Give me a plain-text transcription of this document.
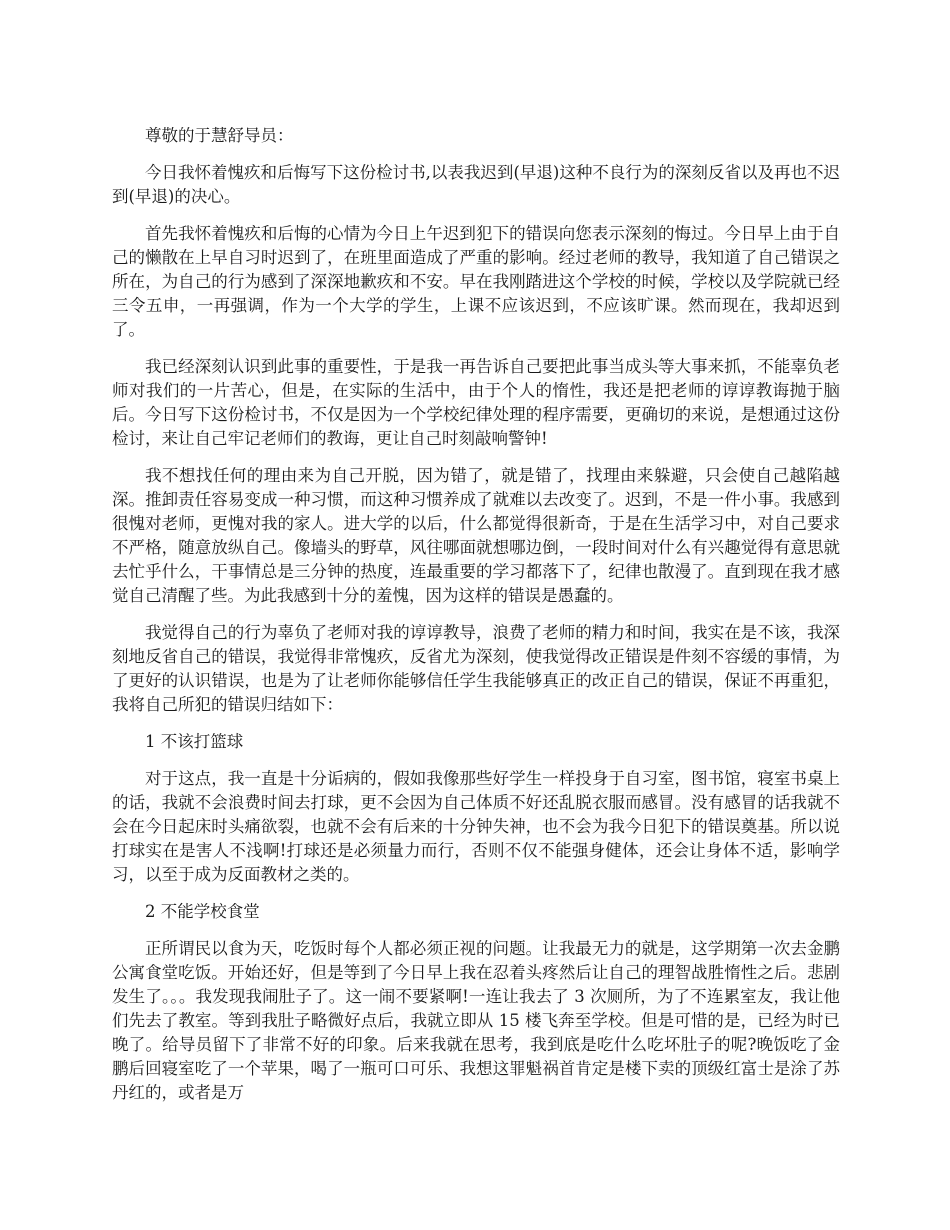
尊敬的于慧舒导员：

今日我怀着愧疚和后悔写下这份检讨书,以表我迟到(早退)这种不良行为的深刻反省以及再也不迟到(早退)的决心。

首先我怀着愧疚和后悔的心情为今日上午迟到犯下的错误向您表示深刻的悔过。今日早上由于自己的懒散在上早自习时迟到了，在班里面造成了严重的影响。经过老师的教导，我知道了自己错误之所在，为自己的行为感到了深深地歉疚和不安。早在我刚踏进这个学校的时候，学校以及学院就已经三令五申，一再强调，作为一个大学的学生，上课不应该迟到，不应该旷课。然而现在，我却迟到了。

我已经深刻认识到此事的重要性，于是我一再告诉自己要把此事当成头等大事来抓，不能辜负老师对我们的一片苦心，但是，在实际的生活中，由于个人的惰性，我还是把老师的谆谆教诲抛于脑后。今日写下这份检讨书，不仅是因为一个学校纪律处理的程序需要，更确切的来说，是想通过这份检讨，来让自己牢记老师们的教诲，更让自己时刻敲响警钟!

我不想找任何的理由来为自己开脱，因为错了，就是错了，找理由来躲避，只会使自己越陷越深。推卸责任容易变成一种习惯，而这种习惯养成了就难以去改变了。迟到，不是一件小事。我感到很愧对老师，更愧对我的家人。进大学的以后，什么都觉得很新奇，于是在生活学习中，对自己要求不严格，随意放纵自己。像墙头的野草，风往哪面就想哪边倒，一段时间对什么有兴趣觉得有意思就去忙乎什么，干事情总是三分钟的热度，连最重要的学习都落下了，纪律也散漫了。直到现在我才感觉自己清醒了些。为此我感到十分的羞愧，因为这样的错误是愚蠢的。

我觉得自己的行为辜负了老师对我的谆谆教导，浪费了老师的精力和时间，我实在是不该，我深刻地反省自己的错误，我觉得非常愧疚，反省尤为深刻，使我觉得改正错误是件刻不容缓的事情，为了更好的认识错误，也是为了让老师你能够信任学生我能够真正的改正自己的错误，保证不再重犯，我将自己所犯的错误归结如下：

1 不该打篮球

对于这点，我一直是十分诟病的，假如我像那些好学生一样投身于自习室，图书馆，寝室书桌上的话，我就不会浪费时间去打球，更不会因为自己体质不好还乱脱衣服而感冒。没有感冒的话我就不会在今日起床时头痛欲裂，也就不会有后来的十分钟失神，也不会为我今日犯下的错误奠基。所以说打球实在是害人不浅啊!打球还是必须量力而行，否则不仅不能强身健体，还会让身体不适，影响学习，以至于成为反面教材之类的。

2 不能学校食堂

正所谓民以食为天，吃饭时每个人都必须正视的问题。让我最无力的就是，这学期第一次去金鹏公寓食堂吃饭。开始还好，但是等到了今日早上我在忍着头疼然后让自己的理智战胜惰性之后。悲剧发生了。。。我发现我闹肚子了。这一闹不要紧啊!一连让我去了 3 次厕所，为了不连累室友，我让他们先去了教室。等到我肚子略微好点后，我就立即从 15 楼飞奔至学校。但是可惜的是，已经为时已晚了。给导员留下了非常不好的印象。后来我就在思考，我到底是吃什么吃坏肚子的呢?晚饭吃了金鹏后回寝室吃了一个苹果，喝了一瓶可口可乐、我想这罪魁祸首肯定是楼下卖的顶级红富士是涂了苏丹红的，或者是万
